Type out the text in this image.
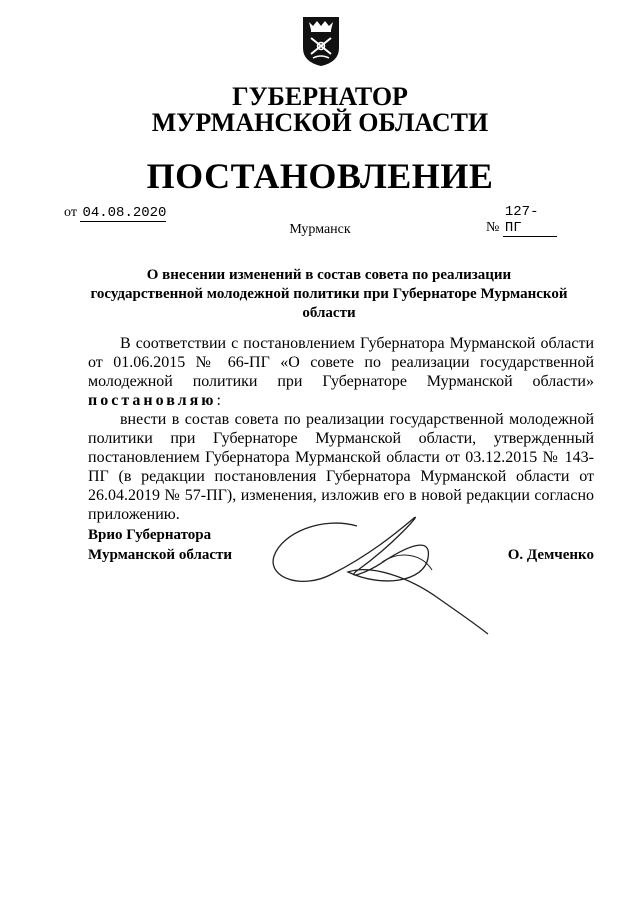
ГУБЕРНАТОР
МУРМАНСКОЙ ОБЛАСТИ
ПОСТАНОВЛЕНИЕ
от 04.08.2020
№ 127-ПГ
Мурманск
О внесении изменений в состав совета по реализации государственной молодежной политики при Губернаторе Мурманской области

В соответствии с постановлением Губернатора Мурманской области от 01.06.2015 № 66-ПГ «О совете по реализации государственной молодежной политики при Губернаторе Мурманской области» постановляю:

внести в состав совета по реализации государственной молодежной политики при Губернаторе Мурманской области, утвержденный постановлением Губернатора Мурманской области от 03.12.2015 № 143-ПГ (в редакции постановления Губернатора Мурманской области от 26.04.2019 № 57-ПГ), изменения, изложив его в новой редакции согласно приложению.

Врио Губернатора
Мурманской области	О. Демченко
